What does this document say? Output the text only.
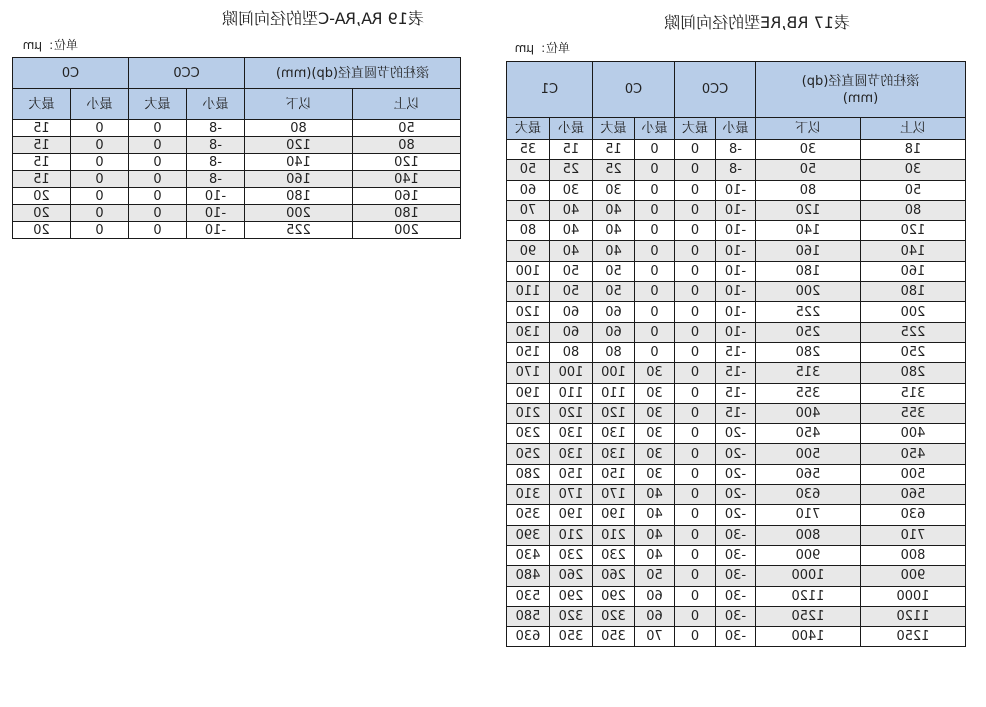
表19 RA,RA-C型的径向间隙
单位：μm
滚柱的节圆直径(dp)(mm)		CC0		C0	
以上	以下	最小	最大	最小	最大
50	80	-8	0	0	15
80	120	-8	0	0	15
120	140	-8	0	0	15
140	160	-8	0	0	15
160	180	-10	0	0	20
180	200	-10	0	0	20
200	225	-10	0	0	20
表17 RB,RE型的径向间隙
单位：μm
滚柱的节圆直径(dp)
(mm)		CC0		C0		C1	
以上	以下	最小	最大	最小	最大	最小	最大
18	30	-8	0	0	15	15	35
30	50	-8	0	0	25	25	50
50	80	-10	0	0	30	30	60
80	120	-10	0	0	40	40	70
120	140	-10	0	0	40	40	80
140	160	-10	0	0	40	40	90
160	180	-10	0	0	50	50	100
180	200	-10	0	0	50	50	110
200	225	-10	0	0	60	60	120
225	250	-10	0	0	60	60	130
250	280	-15	0	0	80	80	150
280	315	-15	0	30	100	100	170
315	355	-15	0	30	110	110	190
355	400	-15	0	30	120	120	210
400	450	-20	0	30	130	130	230
450	500	-20	0	30	130	130	250
500	560	-20	0	30	150	150	280
560	630	-20	0	40	170	170	310
630	710	-20	0	40	190	190	350
710	800	-30	0	40	210	210	390
800	900	-30	0	40	230	230	430
900	1000	-30	0	50	260	260	480
1000	1120	-30	0	60	290	290	530
1120	1250	-30	0	60	320	320	580
1250	1400	-30	0	70	350	350	630
